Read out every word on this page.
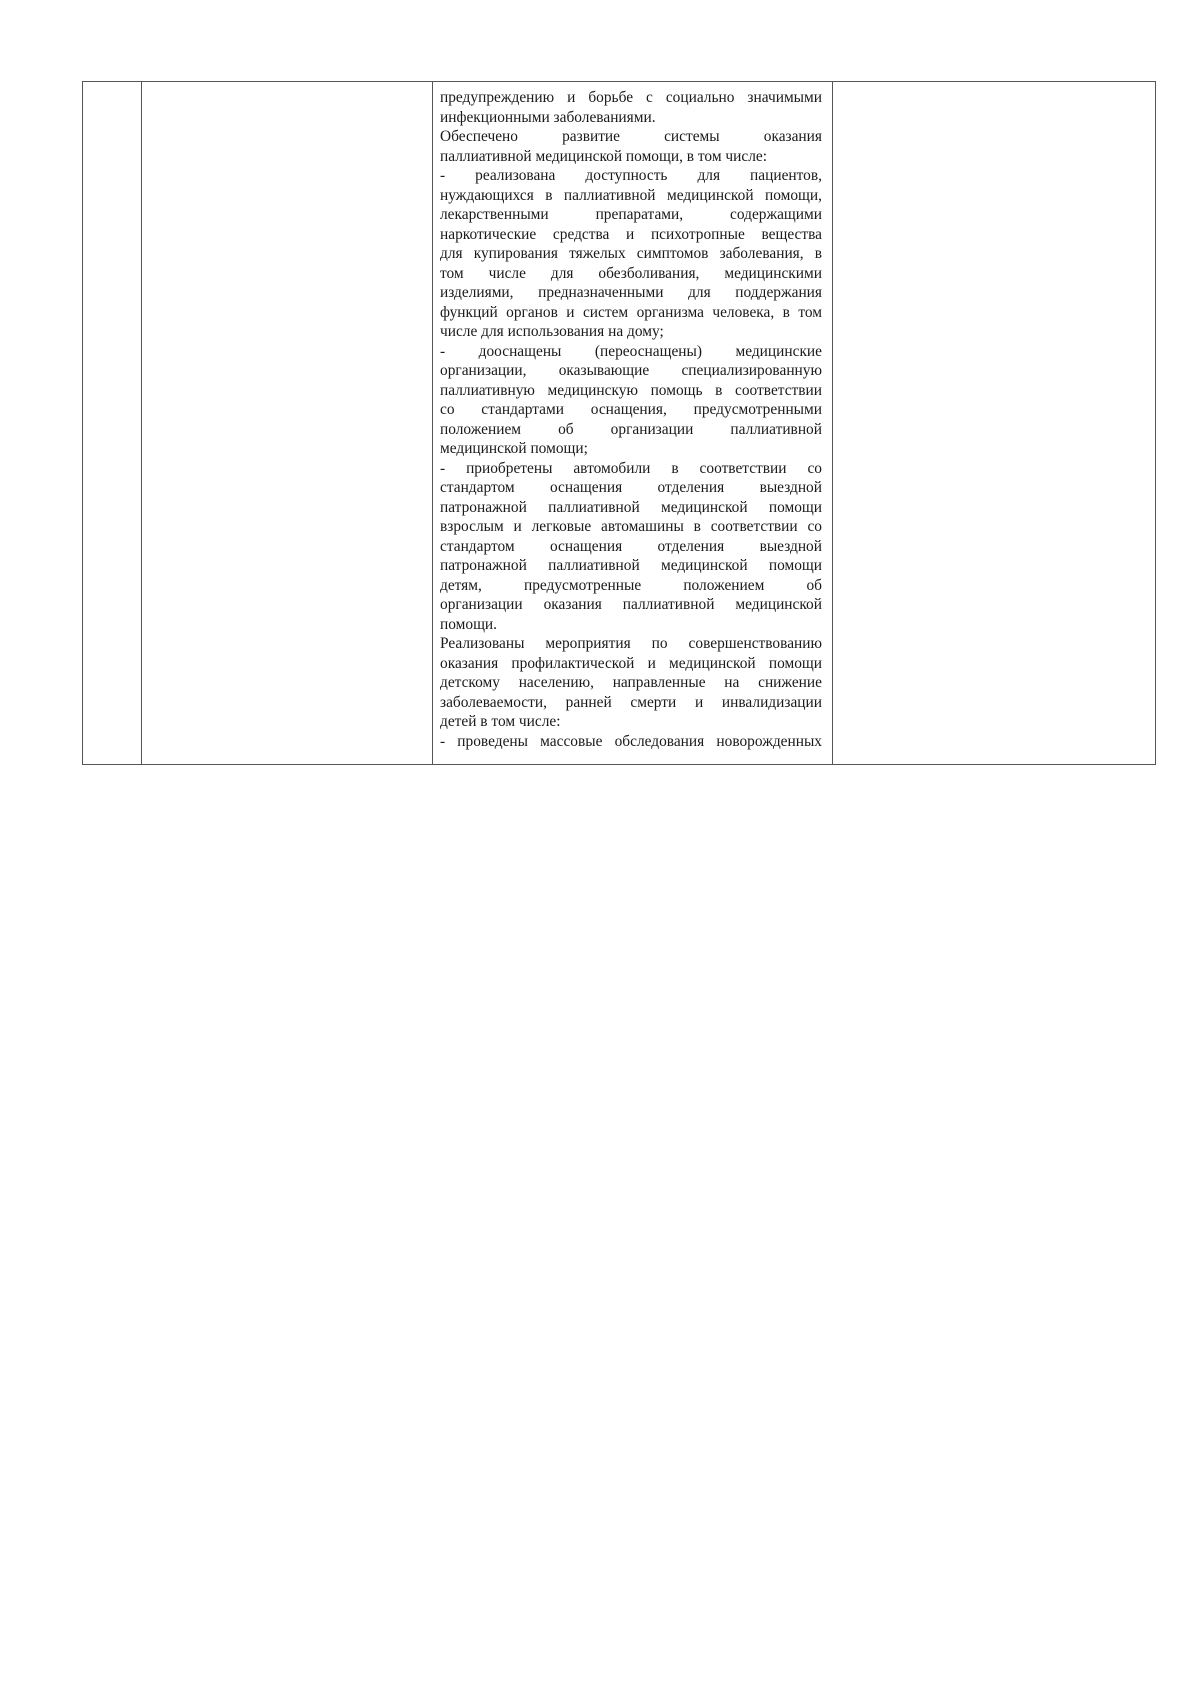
предупреждению и борьбе с социально значимыми
инфекционными заболеваниями.
Обеспечено развитие системы оказания
паллиативной медицинской помощи, в том числе:
- реализована доступность для пациентов,
нуждающихся в паллиативной медицинской помощи,
лекарственными препаратами, содержащими
наркотические средства и психотропные вещества
для купирования тяжелых симптомов заболевания, в
том числе для обезболивания, медицинскими
изделиями, предназначенными для поддержания
функций органов и систем организма человека, в том
числе для использования на дому;
- дооснащены (переоснащены) медицинские
организации, оказывающие специализированную
паллиативную медицинскую помощь в соответствии
со стандартами оснащения, предусмотренными
положением об организации паллиативной
медицинской помощи;
- приобретены автомобили в соответствии со
стандартом оснащения отделения выездной
патронажной паллиативной медицинской помощи
взрослым и легковые автомашины в соответствии со
стандартом оснащения отделения выездной
патронажной паллиативной медицинской помощи
детям, предусмотренные положением об
организации оказания паллиативной медицинской
помощи.
Реализованы мероприятия по совершенствованию
оказания профилактической и медицинской помощи
детскому населению, направленные на снижение
заболеваемости, ранней смерти и инвалидизации
детей в том числе:
- проведены массовые обследования новорожденных
